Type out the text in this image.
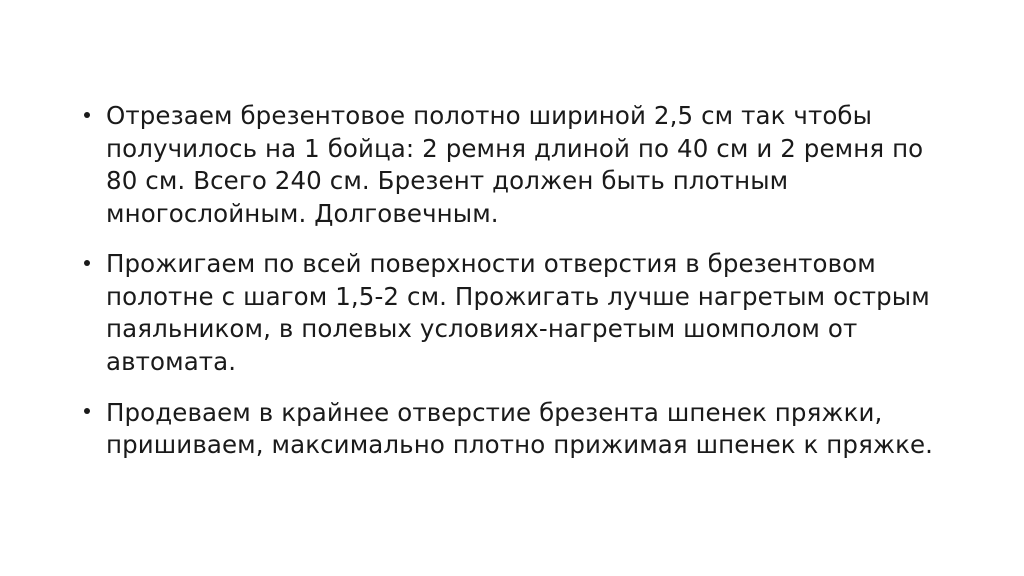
Отрезаем брезентовое полотно шириной 2,5 см так чтобы получилось на 1 бойца: 2 ремня длиной по 40 см и 2 ремня по 80 см. Всего 240 см. Брезент должен быть плотным многослойным. Долговечным.
Прожигаем по всей поверхности отверстия в брезентовом полотне с шагом 1,5-2 см. Прожигать лучше нагретым острым паяльником, в полевых условиях-нагретым шомполом от автомата.
Продеваем в крайнее отверстие брезента шпенек пряжки, пришиваем, максимально плотно прижимая шпенек к пряжке.
